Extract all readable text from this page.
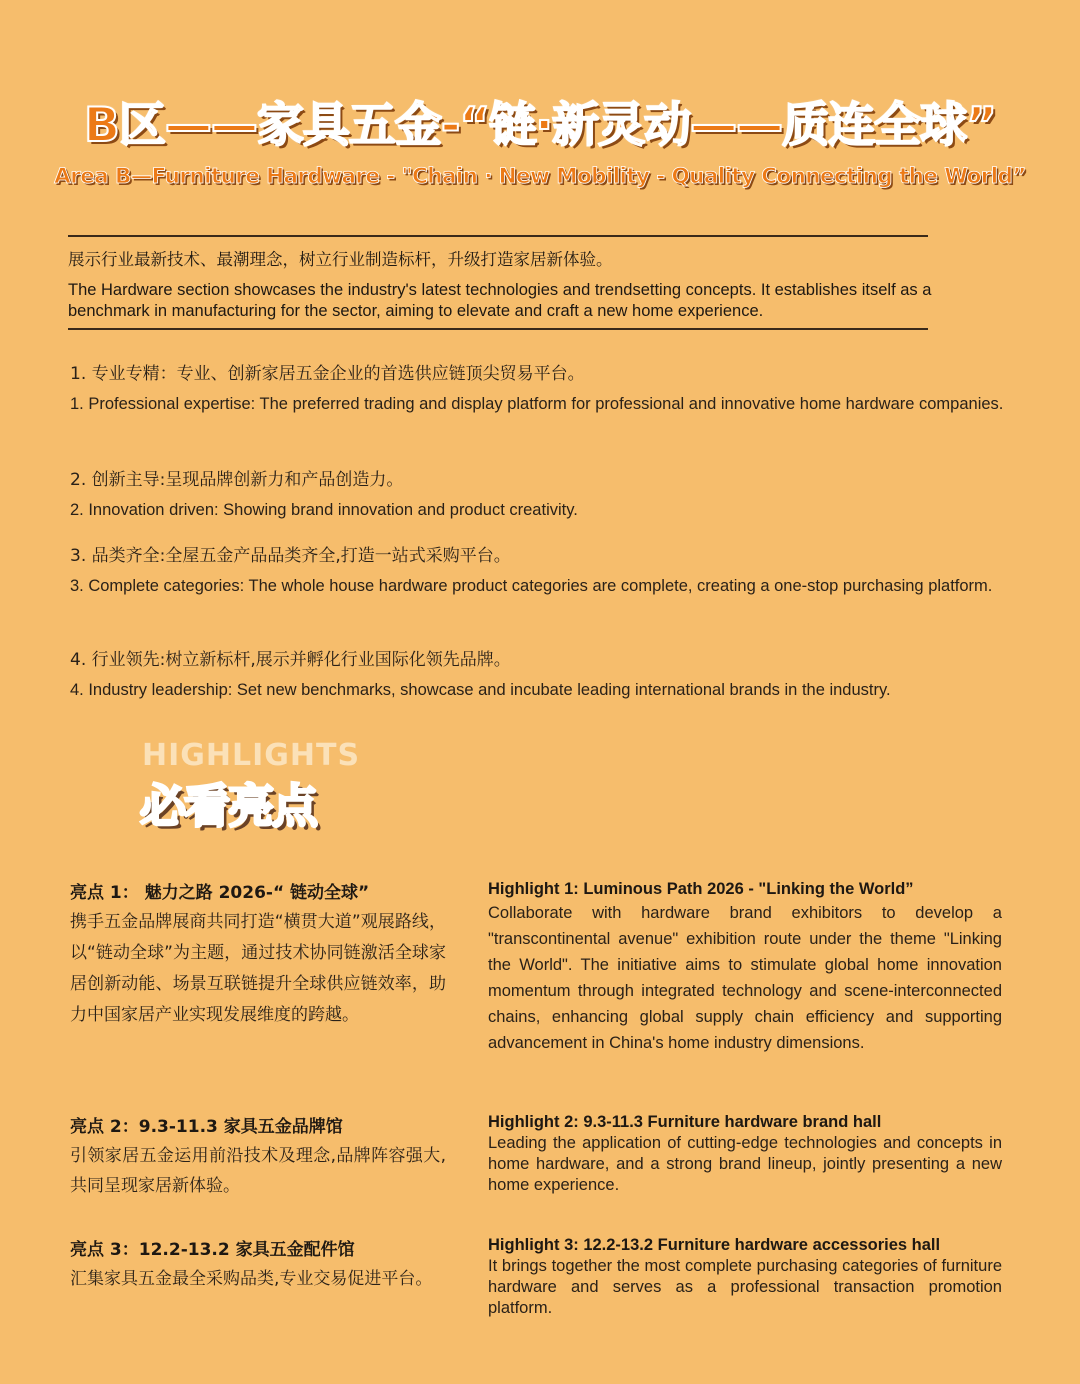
B区——家具五金-“链·新灵动——质连全球”
Area B—Furniture Hardware - "Chain · New Mobility - Quality Connecting the World”
展示行业最新技术、最潮理念，树立行业制造标杆，升级打造家居新体验。
The Hardware section showcases the industry's latest technologies and trendsetting concepts. It establishes itself as a benchmark in manufacturing for the sector, aiming to elevate and craft a new home experience.
1. 专业专精：专业、创新家居五金企业的首选供应链顶尖贸易平台。
1. Professional expertise: The preferred trading and display platform for professional and innovative home hardware companies.
2. 创新主导:呈现品牌创新力和产品创造力。
2. Innovation driven: Showing brand innovation and product creativity.
3. 品类齐全:全屋五金产品品类齐全,打造一站式采购平台。
3. Complete categories: The whole house hardware product categories are complete, creating a one-stop purchasing platform.
4. 行业领先:树立新标杆,展示并孵化行业国际化领先品牌。
4. Industry leadership: Set new benchmarks, showcase and incubate leading international brands in the industry.
HIGHLIGHTS
必看亮点
亮点 1： 魅力之路 2026-“ 链动全球”
携手五金品牌展商共同打造“横贯大道”观展路线，以“链动全球”为主题，通过技术协同链激活全球家居创新动能、场景互联链提升全球供应链效率，助力中国家居产业实现发展维度的跨越。
Highlight 1: Luminous Path 2026 - "Linking the World”
Collaborate with hardware brand exhibitors to develop a "transcontinental avenue" exhibition route under the theme "Linking the World". The initiative aims to stimulate global home innovation momentum through integrated technology and scene-interconnected chains, enhancing global supply chain efficiency and supporting advancement in China's home industry dimensions.
亮点 2：9.3-11.3 家具五金品牌馆
引领家居五金运用前沿技术及理念,品牌阵容强大,共同呈现家居新体验。
Highlight 2: 9.3-11.3 Furniture hardware brand hall
Leading the application of cutting-edge technologies and concepts in home hardware, and a strong brand lineup, jointly presenting a new home experience.
亮点 3：12.2-13.2 家具五金配件馆
汇集家具五金最全采购品类,专业交易促进平台。
Highlight 3: 12.2-13.2 Furniture hardware accessories hall
It brings together the most complete purchasing categories of furniture hardware and serves as a professional transaction promotion platform.
